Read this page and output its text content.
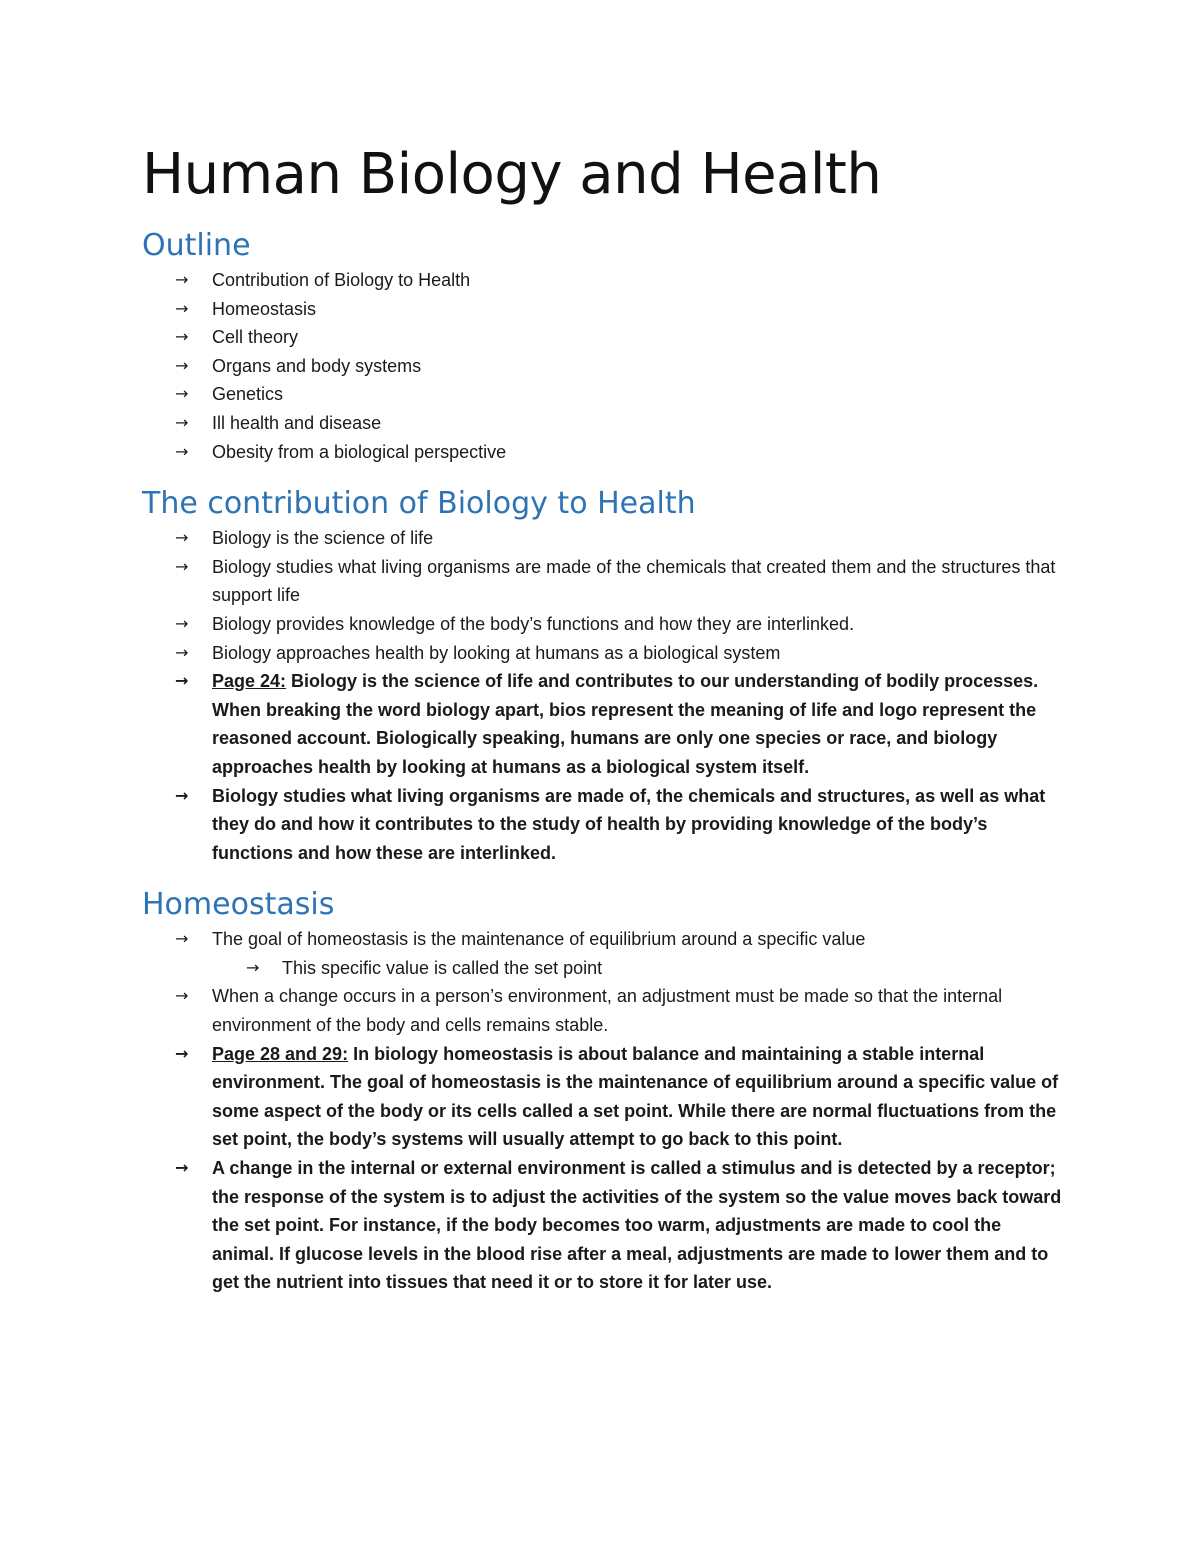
Human Biology and Health
Outline
→ Contribution of Biology to Health
→ Homeostasis
→ Cell theory
→ Organs and body systems
→ Genetics
→ Ill health and disease
→ Obesity from a biological perspective
The contribution of Biology to Health
→ Biology is the science of life
→ Biology studies what living organisms are made of the chemicals that created them and the structures that support life
→ Biology provides knowledge of the body’s functions and how they are interlinked.
→ Biology approaches health by looking at humans as a biological system
→ Page 24: Biology is the science of life and contributes to our understanding of bodily processes. When breaking the word biology apart, bios represent the meaning of life and logo represent the reasoned account. Biologically speaking, humans are only one species or race, and biology approaches health by looking at humans as a biological system itself.
→ Biology studies what living organisms are made of, the chemicals and structures, as well as what they do and how it contributes to the study of health by providing knowledge of the body’s functions and how these are interlinked.
Homeostasis
→ The goal of homeostasis is the maintenance of equilibrium around a specific value
→ This specific value is called the set point
→ When a change occurs in a person’s environment, an adjustment must be made so that the internal environment of the body and cells remains stable.
→ Page 28 and 29: In biology homeostasis is about balance and maintaining a stable internal environment. The goal of homeostasis is the maintenance of equilibrium around a specific value of some aspect of the body or its cells called a set point. While there are normal fluctuations from the set point, the body’s systems will usually attempt to go back to this point.
→ A change in the internal or external environment is called a stimulus and is detected by a receptor; the response of the system is to adjust the activities of the system so the value moves back toward the set point. For instance, if the body becomes too warm, adjustments are made to cool the animal. If glucose levels in the blood rise after a meal, adjustments are made to lower them and to get the nutrient into tissues that need it or to store it for later use.
